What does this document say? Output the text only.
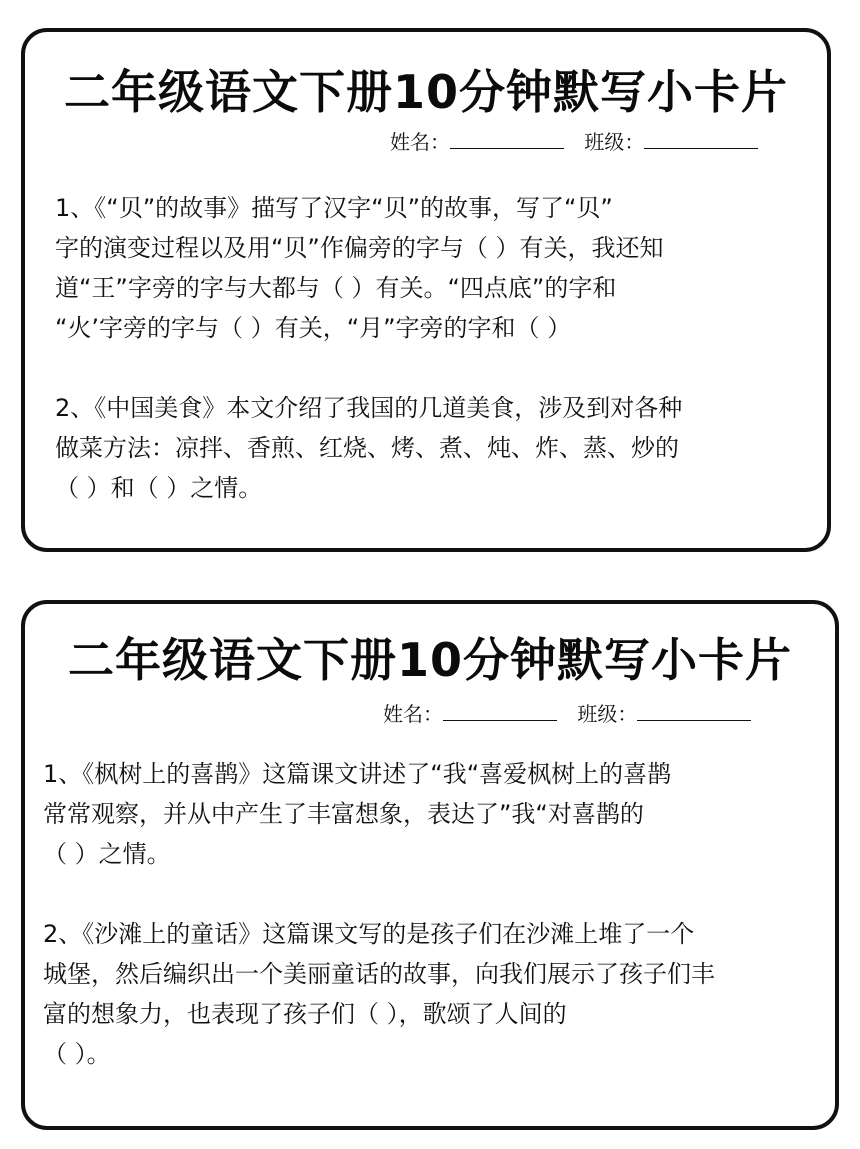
二年级语文下册10分钟默写小卡片
姓名：	班级：
1、《“贝”的故事》描写了汉字“贝”的故事，写了“贝”
字的演变过程以及用“贝”作偏旁的字与（ ）有关，我还知
道“王”字旁的字与大都与（ ）有关。“四点底”的字和
“火’字旁的字与（ ）有关，“月”字旁的字和（ ）
2、《中国美食》本文介绍了我国的几道美食，涉及到对各种
做菜方法：凉拌、香煎、红烧、烤、煮、炖、炸、蒸、炒的
（ ）和（ ）之情。
二年级语文下册10分钟默写小卡片
姓名：	班级：
1、《枫树上的喜鹊》这篇课文讲述了“我“喜爱枫树上的喜鹊
常常观察，并从中产生了丰富想象，表达了”我“对喜鹊的
（ ）之情。
2、《沙滩上的童话》这篇课文写的是孩子们在沙滩上堆了一个
城堡，然后编织出一个美丽童话的故事，向我们展示了孩子们丰
富的想象力，也表现了孩子们（ ），歌颂了人间的
（ ）。
